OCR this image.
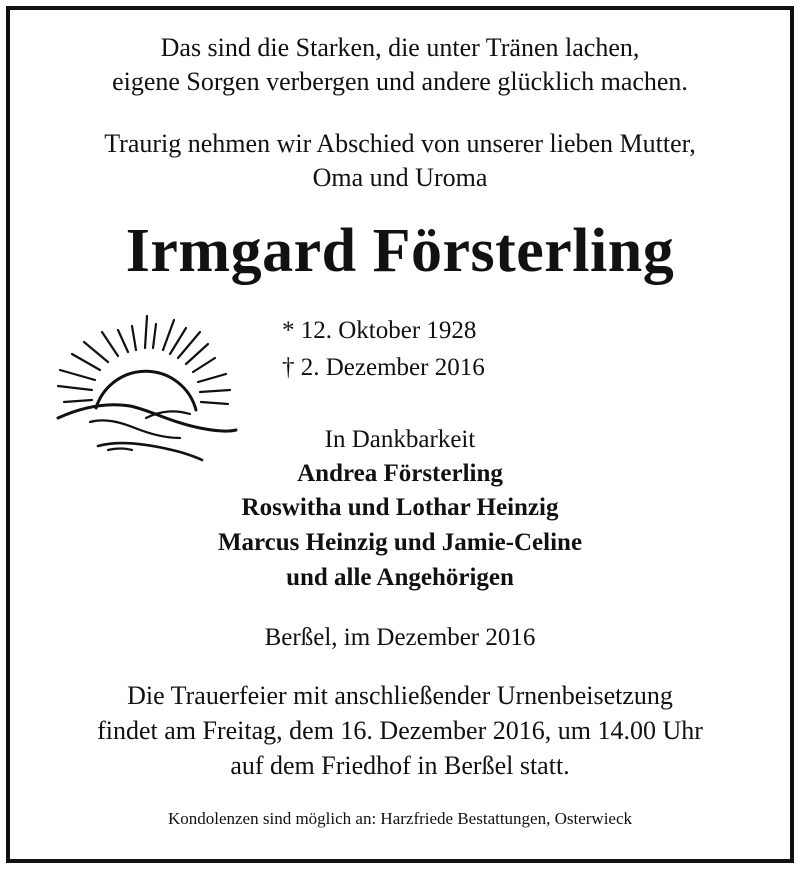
Das sind die Starken, die unter Tränen lachen,
eigene Sorgen verbergen und andere glücklich machen.
Traurig nehmen wir Abschied von unserer lieben Mutter,
Oma und Uroma
Irmgard Försterling
* 12. Oktober 1928
† 2. Dezember 2016
In Dankbarkeit
Andrea Försterling
Roswitha und Lothar Heinzig
Marcus Heinzig und Jamie-Celine
und alle Angehörigen
Berßel, im Dezember 2016
Die Trauerfeier mit anschließender Urnenbeisetzung
findet am Freitag, dem 16. Dezember 2016, um 14.00 Uhr
auf dem Friedhof in Berßel statt.
Kondolenzen sind möglich an: Harzfriede Bestattungen, Osterwieck
